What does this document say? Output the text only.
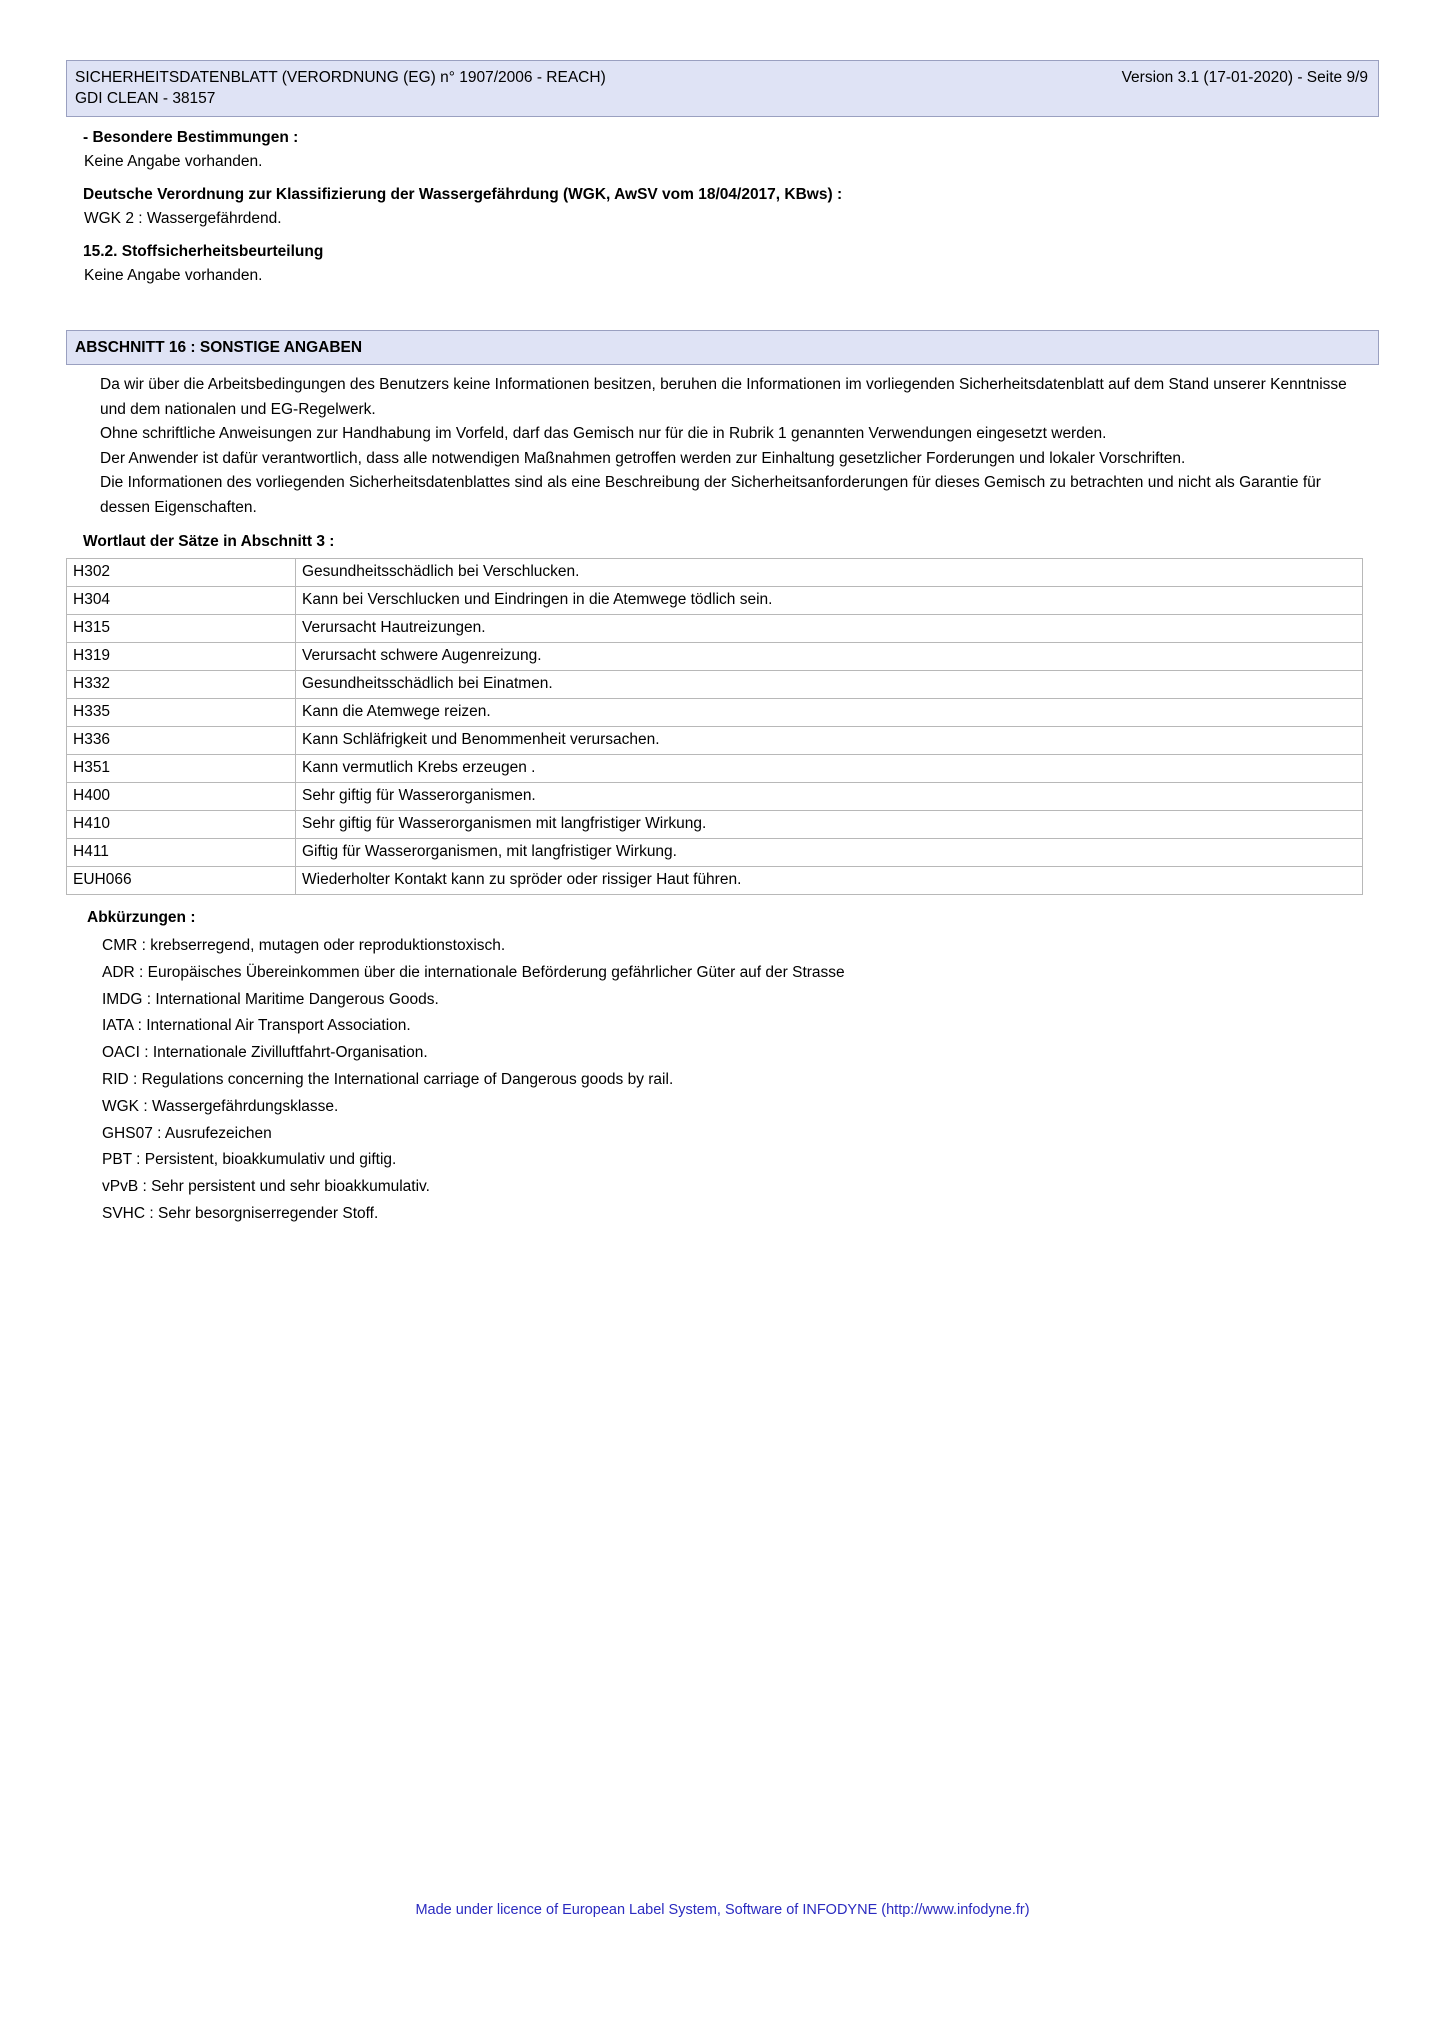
SICHERHEITSDATENBLATT (VERORDNUNG (EG) n° 1907/2006 - REACH)
GDI CLEAN - 38157
Version 3.1 (17-01-2020) - Seite 9/9
- Besondere Bestimmungen :
Keine Angabe vorhanden.
Deutsche Verordnung zur Klassifizierung der Wassergefährdung (WGK, AwSV vom 18/04/2017, KBws) :
WGK 2 : Wassergefährdend.
15.2. Stoffsicherheitsbeurteilung
Keine Angabe vorhanden.
ABSCHNITT 16 : SONSTIGE ANGABEN

Da wir über die Arbeitsbedingungen des Benutzers keine Informationen besitzen, beruhen die Informationen im vorliegenden Sicherheitsdatenblatt auf dem Stand unserer Kenntnisse und dem nationalen und EG-Regelwerk.

Ohne schriftliche Anweisungen zur Handhabung im Vorfeld, darf das Gemisch nur für die in Rubrik 1 genannten Verwendungen eingesetzt werden.

Der Anwender ist dafür verantwortlich, dass alle notwendigen Maßnahmen getroffen werden zur Einhaltung gesetzlicher Forderungen und lokaler Vorschriften.

Die Informationen des vorliegenden Sicherheitsdatenblattes sind als eine Beschreibung der Sicherheitsanforderungen für dieses Gemisch zu betrachten und nicht als Garantie für dessen Eigenschaften.

Wortlaut der Sätze in Abschnitt 3 :
H302	Gesundheitsschädlich bei Verschlucken.
H304	Kann bei Verschlucken und Eindringen in die Atemwege tödlich sein.
H315	Verursacht Hautreizungen.
H319	Verursacht schwere Augenreizung.
H332	Gesundheitsschädlich bei Einatmen.
H335	Kann die Atemwege reizen.
H336	Kann Schläfrigkeit und Benommenheit verursachen.
H351	Kann vermutlich Krebs erzeugen .
H400	Sehr giftig für Wasserorganismen.
H410	Sehr giftig für Wasserorganismen mit langfristiger Wirkung.
H411	Giftig für Wasserorganismen, mit langfristiger Wirkung.
EUH066	Wiederholter Kontakt kann zu spröder oder rissiger Haut führen.
Abkürzungen :
CMR : krebserregend, mutagen oder reproduktionstoxisch.
ADR : Europäisches Übereinkommen über die internationale Beförderung gefährlicher Güter auf der Strasse
IMDG : International Maritime Dangerous Goods.
IATA : International Air Transport Association.
OACI : Internationale Zivilluftfahrt-Organisation.
RID : Regulations concerning the International carriage of Dangerous goods by rail.
WGK : Wassergefährdungsklasse.
GHS07 : Ausrufezeichen
PBT : Persistent, bioakkumulativ und giftig.
vPvB : Sehr persistent und sehr bioakkumulativ.
SVHC : Sehr besorgniserregender Stoff.
Made under licence of European Label System, Software of INFODYNE (http://www.infodyne.fr)
